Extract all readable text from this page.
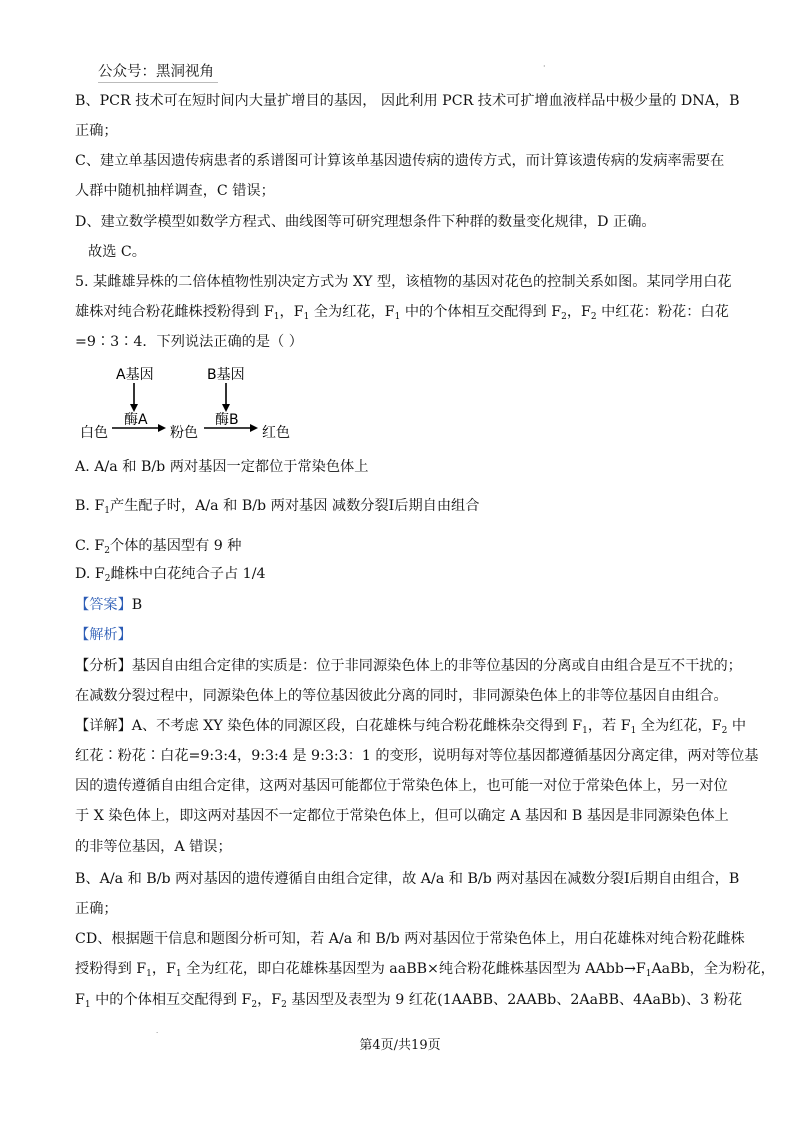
公众号：黑洞视角	·
B、PCR 技术可在短时间内大量扩增目的基因， 因此利用 PCR 技术可扩增血液样品中极少量的 DNA，B
正确；
C、建立单基因遗传病患者的系谱图可计算该单基因遗传病的遗传方式，而计算该遗传病的发病率需要在
人群中随机抽样调查，C 错误；
D、建立数学模型如数学方程式、曲线图等可研究理想条件下种群的数量变化规律，D 正确。
故选 C。
5. 某雌雄异株的二倍体植物性别决定方式为 XY 型，该植物的基因对花色的控制关系如图。某同学用白花
雄株对纯合粉花雌株授粉得到 $F_1$，$F_1$ 全为红花，$F_1$ 中的个体相互交配得到 $F_2$，$F_2$ 中红花：粉花：白花
=9∶3∶4．下列说法正确的是（ ）
A基因	B基因
酶A	酶B
白色	粉色	红色
A. A/a 和 B/b 两对基因一定都位于常染色体上
B. $F_1$产生配子时，A/a 和 B/b 两对基因 减数分裂Ⅰ后期自由组合
C. $F_2$个体的基因型有 9 种
D. $F_2$雌株中白花纯合子占 1/4
【答案】B
【解析】
【分析】基因自由组合定律的实质是：位于非同源染色体上的非等位基因的分离或自由组合是互不干扰的；
在减数分裂过程中，同源染色体上的等位基因彼此分离的同时，非同源染色体上的非等位基因自由组合。
【详解】A、不考虑 XY 染色体的同源区段，白花雄株与纯合粉花雌株杂交得到 $F_1$，若 $F_1$ 全为红花，$F_2$ 中
红花∶粉花∶白花=9:3:4，9:3:4 是 9:3:3：1 的变形，说明每对等位基因都遵循基因分离定律，两对等位基
因的遗传遵循自由组合定律，这两对基因可能都位于常染色体上，也可能一对位于常染色体上，另一对位
于 X 染色体上，即这两对基因不一定都位于常染色体上，但可以确定 A 基因和 B 基因是非同源染色体上
的非等位基因，A 错误；
B、A/a 和 B/b 两对基因的遗传遵循自由组合定律，故 A/a 和 B/b 两对基因在减数分裂Ⅰ后期自由组合，B
正确；
CD、根据题干信息和题图分析可知，若 A/a 和 B/b 两对基因位于常染色体上，用白花雄株对纯合粉花雌株
授粉得到 $F_1$，$F_1$ 全为红花，即白花雄株基因型为 aaBB×纯合粉花雌株基因型为 $AAbb\to F_1AaBb$，全为粉花，
$F_1$ 中的个体相互交配得到 $F_2$，$F_2$ 基因型及表型为 9 红花(1AABB、2AABb、2AaBB、4AaBb)、3 粉花
·
第4页/共19页
